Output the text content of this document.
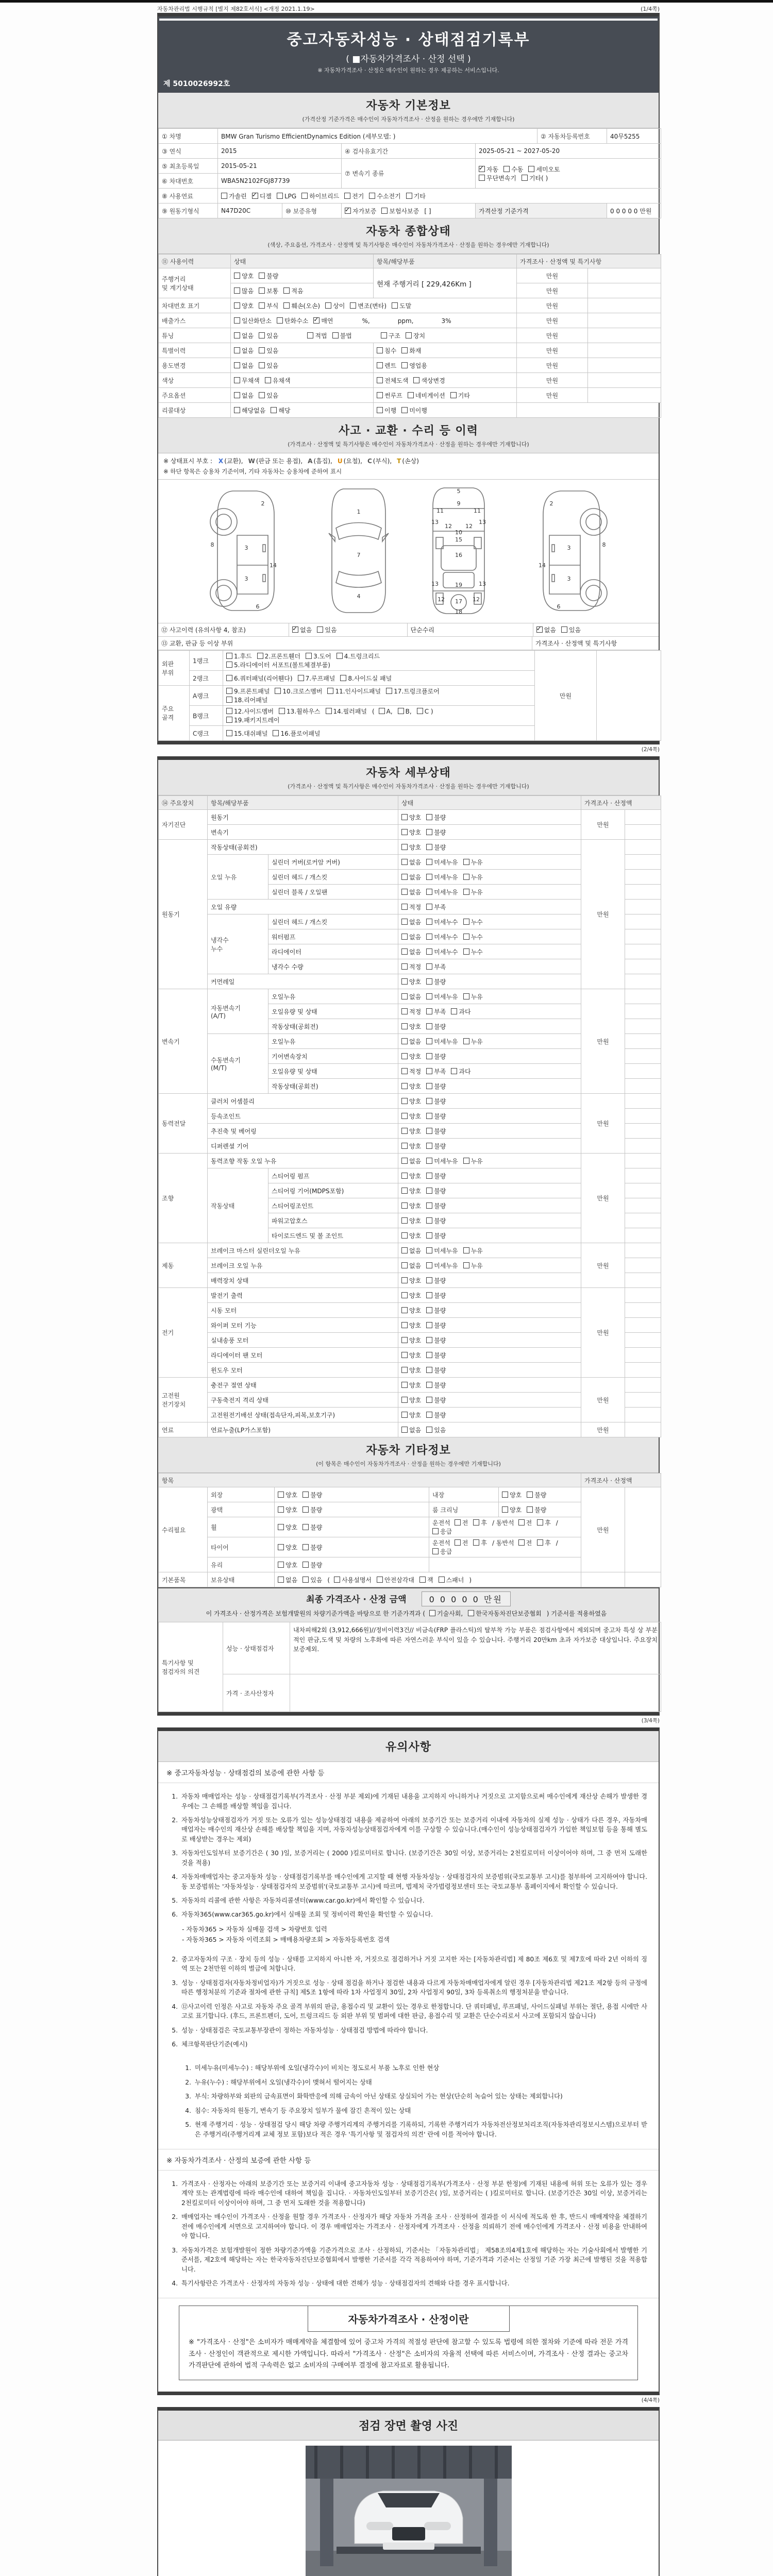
자동차관리법 시행규칙 [별지 제82호서식] <개정 2021.1.19>	(1/4쪽)
중고자동차성능 · 상태점검기록부
( ■자동차가격조사 · 산정 선택 )
※ 자동차가격조사 · 산정은 매수인이 원하는 경우 제공하는 서비스입니다.
제 5010026992호
자동차 기본정보
(가격산정 기준가격은 매수인이 자동차가격조사 · 산정을 원하는 경우에만 기재합니다)
① 차명	BMW Gran Turismo EfficientDynamics Edition (세부모델: )				② 자동차등록번호	40무5255
③ 연식	2015		④ 검사유효기간	2025-05-21 ~ 2027-05-20		
⑤ 최초등록일	2015-05-21		⑦ 변속기 종류	
✓자동 수동 세미오토
무단변속기 기타( )

⑥ 차대번호	WBA5N2102FGJ87739					
⑧ 사용연료	가솔린 ✓ 디젤 LPG 하이브리드 전기 수소전기 기타
⑨ 원동기형식	N47D20C	⑩ 보증유형	✓자가보증 보험사보증 [ ]	가격산정 기준가격		0 0 0 0 0 만원
자동차 종합상태
(색상, 주요옵션, 가격조사 · 산정액 및 특기사항은 매수인이 자동차가격조사 · 산정을 원하는 경우에만 기재합니다)
⑪ 사용이력	상태	항목/해당부품	가격조사 · 산정액 및 특기사항	
주행거리
및 계기상태	양호 불량	현재 주행거리 [ 229,426Km ]	만원	
	많음 보통 적음		만원	
차대번호 표기	양호 부식 훼손(오손) 상이 변조(변타) 도말		만원	
배출가스	일산화탄소 탄화수소 ✓ 매연 %, ppm, 3%		만원	
튜닝	없음 있음 적법 불법 구조 장치		만원	
특별이력	없음 있음	침수 화재	만원	
용도변경	없음 있음	렌트 영업용	만원	
색상	무채색 유채색	전체도색 색상변경	만원	
주요옵션	없음 있음	썬루프 네비게이션 기타	만원	
리콜대상	해당없음 해당	이행 미이행		
사고 · 교환 · 수리 등 이력
(가격조사 · 산정액 및 특기사항은 매수인이 자동차가격조사 · 산정을 원하는 경우에만 기재합니다)
※ 상태표시 부호 : X (교환), W (판금 또는 용접), A (흠집), U (요철), C (부식), T (손상)
※ 하단 항목은 승용차 기준이며, 기타 자동차는 승용차에 준하여 표시
2
8	3
3
14
6
1
7
4
5
9
11	11
13	13
12 12
10
15
16
13	13
19
12	12
17
18
2
8
3
3
14
6
⑫ 사고이력 (유의사항 4, 참조) ✓	없음	있음	단순수리 ✓	없음	있음
⑬ 교환, 판금 등 이상 부위	가격조사 · 산정액 및 특기사항
외판
부위	1랭크	
1.후드 2.프론트휀더 3.도어 4.트렁크리드
5.라디에이터 서포트(볼트체결부품)
	만원	
	2랭크	6.쿼터패널(리어휀다) 7.루프패널 8.사이드실 패널		
주요
골격	A랭크	
9.프론트패널 10.크로스멤버 11.인사이드패널 17.트렁크플로어
18.리어패널

	B랭크	12.사이드멤버 13.휠하우스 14.필러패널 ( A, B, C )
19.패키지트레이		

	C랭크	15.대쉬패널 16.플로어패널		
(2/4쪽)
자동차 세부상태
(가격조사 · 산정액 및 특기사항은 매수인이 자동차가격조사 · 산정을 원하는 경우에만 기재합니다)
⑭ 주요장치	항목/해당부품		상태	가격조사 · 산정액	
자기진단	원동기		양호 불량	만원	
	변속기		양호 불량		
원동기	작동상태(공회전)		양호 불량	만원	
	오일 누유	실린더 커버(로커암 커버)	없음 미세누유 누유		
		실린더 헤드 / 개스킷	없음 미세누유 누유		
		실린더 블록 / 오일팬	없음 미세누유 누유		
	오일 유량		적정 부족		
	냉각수
누수	실린더 헤드 / 개스킷	없음 미세누수 누수		
		워터펌프	없음 미세누수 누수		
		라디에이터	없음 미세누수 누수		
		냉각수 수량	적정 부족		
	커먼레일		양호 불량		
변속기	자동변속기
(A/T)	오일누유	없음 미세누유 누유	만원	
		오일유량 및 상태	적정 부족 과다		
		작동상태(공회전)	양호 불량		
	수동변속기
(M/T)	오일누유	없음 미세누유 누유		
		기어변속장치	양호 불량		
		오일유량 및 상태	적정 부족 과다		
		작동상태(공회전)	양호 불량		
동력전달	클러치 어셈블리		양호 불량	만원	
	등속조인트		양호 불량		
	추진축 및 베어링		양호 불량		
	디퍼렌셜 기어		양호 불량		
조향	동력조향 작동 오일 누유		없음 미세누유 누유	만원	
	작동상태	스티어링 펌프	양호 불량		
		스티어링 기어(MDPS포함)	양호 불량		
		스티어링조인트	양호 불량		
		파워고압호스	양호 불량		
		타이로드엔드 및 볼 조인트	양호 불량		
제동	브레이크 마스터 실린더오일 누유		없음 미세누유 누유	만원	
	브레이크 오일 누유		없음 미세누유 누유		
	배력장치 상태		양호 불량		
전기	발전기 출력		양호 불량	만원	
	시동 모터		양호 불량		
	와이퍼 모터 기능		양호 불량		
	실내송풍 모터		양호 불량		
	라디에이터 팬 모터		양호 불량		
	윈도우 모터		양호 불량		
고전원
전기장치	충전구 절연 상태		양호 불량	만원	
	구동축전지 격리 상태		양호 불량		
	고전원전기배선 상태(접속단자,피복,보호기구)		양호 불량		
연료	연료누출(LP가스포함)		없음 있음	만원	
자동차 기타정보
(이 항목은 매수인이 자동차가격조사 · 산정을 원하는 경우에만 기재합니다)
항목					가격조사 · 산정액	
수리필요	외장	양호 불량	내장	양호 불량	만원	
	광택	양호 불량	룸 크리닝	양호 불량		
	휠	양호 불량	운전석 전 후 / 동반석 전 후 /응급			
	타이어	양호 불량	운전석 전 후 / 동반석 전 후 /응급			
	유리	양호 불량				
기본품목	보유상태	없음 있음 ( 사용설명서 안전삼각대 잭 스패너 )				
최종 가격조사 · 산정 금액	0 0 0 0 0 만원
이 가격조사 · 산정가격은 보험개발원의 차량기준가액을 바탕으로 한 기준가격과 ( 기술사회, 한국자동차진단보증협회 ) 기준서를 적용하였음
특기사항 및
점검자의 의견	성능 · 상태점검자	내차피해2회 (3,912,666원)//정비이력3건// 비금속(FRP 플라스틱)의 탈부착 가능 부품은 점검사항에서 제외되며 중고차 특성 상 부분적인 판금,도색 및 차량의 노후화에 따른 자연스러운 부식이 있을 수 있습니다. 주행거리 20만km 초과 자가보증 대상입니다. 주요장치 보증제외.
	가격 · 조사산정자	
(3/4쪽)
유의사항
※ 중고자동차성능 · 상태점검의 보증에 관한 사항 등
1. 자동차 매매업자는 성능 · 상태점검기록부(가격조사 · 산정 부분 제외)에 기재된 내용을 고지하지 아니하거나 거짓으로 고지함으로써 매수인에게 재산상 손해가 발생한 경우에는 그 손해를 배상할 책임을 집니다.
2. 자동차성능상태점검자가 거짓 또는 오류가 있는 성능상태점검 내용을 제공하여 아래의 보증기간 또는 보증거리 이내에 자동차의 실제 성능 · 상태가 다른 경우, 자동차매매업자는 매수인의 재산상 손해를 배상할 책임을 지며, 자동차성능상태점검자에게 이를 구상할 수 있습니다.(매수인이 성능상태점검자가 가입한 책임보험 등을 통해 별도로 배상받는 경우는 제외)
3. 자동차인도일부터 보증기간은 ( 30 )일, 보증거리는 ( 2000 )킬로미터로 합니다. (보증기간은 30일 이상, 보증거리는 2천킬로미터 이상이어야 하며, 그 중 먼저 도래한 것을 적용)
4. 자동차매매업자는 중고자동차 성능 · 상태점검기록부를 매수인에게 고지할 때 현행 자동차성능 · 상태점검자의 보증범위(국토교통부 고시)를 첨부하여 고지하여야 합니다. 동 보증범위는 '자동차성능 · 상태점검자의 보증범위'(국토교통부 고시)에 따르며, 법제처 국가법령정보센터 또는 국토교통부 홈페이지에서 확인할 수 있습니다.
5. 자동차의 리콜에 관한 사항은 자동차리콜센터(www.car.go.kr)에서 확인할 수 있습니다.
6. 자동차365(www.car365.go.kr)에서 실매물 조회 및 정비이력 확인을 확인할 수 있습니다.
- 자동차365 > 자동차 실매물 검색 > 차량번호 입력
- 자동차365 > 자동차 이력조회 > 매매용차량조회 > 자동차등록번호 검색
2. 중고자동차의 구조 · 장치 등의 성능 · 상태를 고지하지 아니한 자, 거짓으로 점검하거나 거짓 고지한 자는 [자동차관리법] 제 80조 제6호 및 제7호에 따라 2년 이하의 징역 또는 2천만원 이하의 벌금에 처합니다.
3. 성능 · 상태점검자(자동차정비업자)가 거짓으로 성능 · 상태 점검을 하거나 점검한 내용과 다르게 자동차매매업자에게 알린 경우 [자동차관리법 제21조 제2항 등의 규정에 따른 행정처분의 기준과 절차에 관한 규칙] 제5조 1항에 따라 1차 사업정지 30일, 2차 사업정지 90일, 3차 등록취소의 행정처분을 받습니다.
4. ⑫사고이력 인정은 사고로 자동차 주요 골격 부위의 판금, 용접수리 및 교환이 있는 경우로 한정합니다. 단 쿼터패널, 루프패널, 사이드실패널 부위는 절단, 용접 시에만 사고로 표기합니다. (후드, 프론트펜더, 도어, 트렁크리드 등 외판 부위 및 범퍼에 대한 판금, 용접수리 및 교환은 단순수리로서 사고에 포함되지 않습니다)
5. 성능 · 상태점검은 국토교통부장관이 정하는 자동차성능 · 상태점검 방법에 따라야 합니다.
6. 체크항목판단기준(예시)
1. 미세누유(미세누수) : 해당부위에 오일(냉각수)이 비치는 정도로서 부품 노후로 인한 현상
2. 누유(누수) : 해당부위에서 오일(냉각수)이 맺혀서 떨어지는 상태
3. 부식: 차량하부와 외판의 금속표면이 화학반응에 의해 금속이 아닌 상태로 상실되어 가는 현상(단순히 녹슬어 있는 상태는 제외합니다)
4. 침수: 자동차의 원동기, 변속기 등 주요장치 일부가 물에 잠긴 흔적이 있는 상태
5. 현재 주행거리 · 성능 · 상태점검 당시 해당 차량 주행거리계의 주행거리를 기록하되, 기록한 주행거리가 자동차전산정보처리조직(자동차관리정보시스템)으로부터 받은 주행거리(주행거리계 교체 정보 포함)보다 적은 경우 '특기사항 및 점검자의 의견' 란에 이를 적어야 합니다.
※ 자동차가격조사 · 산정의 보증에 관한 사항 등
1. 가격조사 · 산정자는 아래의 보증기간 또는 보증거리 이내에 중고자동차 성능 · 상태점검기록부(가격조사 · 산정 부분 한정)에 기재된 내용에 허위 또는 오류가 있는 경우 계약 또는 관계법령에 따라 매수인에 대하여 책임을 집니다. · 자동차인도일부터 보증기간은( )일, 보증거리는 ( )킬로미터로 합니다. (보증기간은 30일 이상, 보증거리는 2천킬로미터 이상이어야 하며, 그 중 먼저 도래한 것을 적용합니다)
2. 매매업자는 매수인이 가격조사 · 산정을 원할 경우 가격조사 · 산정자가 해당 자동차 가격을 조사 · 산정하여 결과를 이 서식에 적도록 한 후, 반드시 매매계약을 체결하기 전에 매수인에게 서면으로 고지하여야 합니다. 이 경우 매매업자는 가격조사 · 산정자에게 가격조사 · 산정을 의뢰하기 전에 매수인에게 가격조사 · 산정 비용을 안내하여야 합니다.
3. 자동차가격은 보험개발원이 정한 차량기준가액을 기준가격으로 조사 · 산정하되, 기준서는 「자동차관리법」 제58조의4제1호에 해당하는 자는 기술사회에서 발행한 기준서를, 제2호에 해당하는 자는 한국자동차진단보증협회에서 발행한 기준서를 각각 적용하여야 하며, 기준가격과 기준서는 산정일 기준 가장 최근에 발행된 것을 적용합니다.
4. 특기사항란은 가격조사 · 산정자의 자동차 성능 · 상태에 대한 견해가 성능 · 상태점검자의 견해와 다를 경우 표시합니다.
자동차가격조사 · 산정이란
※ "가격조사 · 산정"은 소비자가 매매계약을 체결함에 있어 중고차 가격의 적절성 판단에 참고할 수 있도록 법령에 의한 절차와 기준에 따라 전문 가격조사 · 산정인이 객관적으로 제시한 가액입니다. 따라서 "가격조사 · 산정"은 소비자의 자율적 선택에 따른 서비스이며, 가격조사 · 산정 결과는 중고차 가격판단에 관하여 법적 구속력은 없고 소비자의 구매여부 결정에 참고자료로 활용됩니다.
(4/4쪽)
점검 장면 촬영 사진
